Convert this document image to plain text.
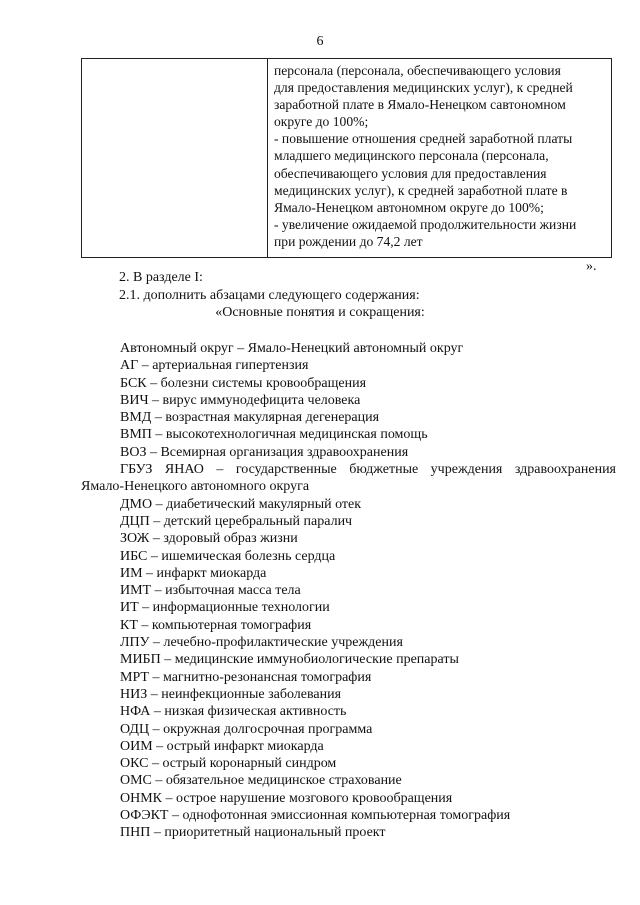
6
персонала (персонала, обеспечивающего условия
для предоставления медицинских услуг), к средней
заработной плате в Ямало-Ненецком савтономном
округе до 100%;
- повышение отношения средней заработной платы
младшего медицинского персонала (персонала,
обеспечивающего условия для предоставления
медицинских услуг), к средней заработной плате в
Ямало-Ненецком автономном округе до 100%;
- увеличение ожидаемой продолжительности жизни
при рождении до 74,2 лет
».
2. В разделе I:
2.1. дополнить абзацами следующего содержания:
«Основные понятия и сокращения:
Автономный округ – Ямало-Ненецкий автономный округ
АГ – артериальная гипертензия
БСК – болезни системы кровообращения
ВИЧ – вирус иммунодефицита человека
ВМД – возрастная макулярная дегенерация
ВМП – высокотехнологичная медицинская помощь
ВОЗ – Всемирная организация здравоохранения
ГБУЗ ЯНАО – государственные бюджетные учреждения здравоохранения
Ямало-Ненецкого автономного округа
ДМО – диабетический макулярный отек
ДЦП – детский церебральный паралич
ЗОЖ – здоровый образ жизни
ИБС – ишемическая болезнь сердца
ИМ – инфаркт миокарда
ИМТ – избыточная масса тела
ИТ – информационные технологии
КТ – компьютерная томография
ЛПУ – лечебно-профилактические учреждения
МИБП – медицинские иммунобиологические препараты
МРТ – магнитно-резонансная томография
НИЗ – неинфекционные заболевания
НФА – низкая физическая активность
ОДЦ – окружная долгосрочная программа
ОИМ – острый инфаркт миокарда
ОКС – острый коронарный синдром
ОМС – обязательное медицинское страхование
ОНМК – острое нарушение мозгового кровообращения
ОФЭКТ – однофотонная эмиссионная компьютерная томография
ПНП – приоритетный национальный проект
